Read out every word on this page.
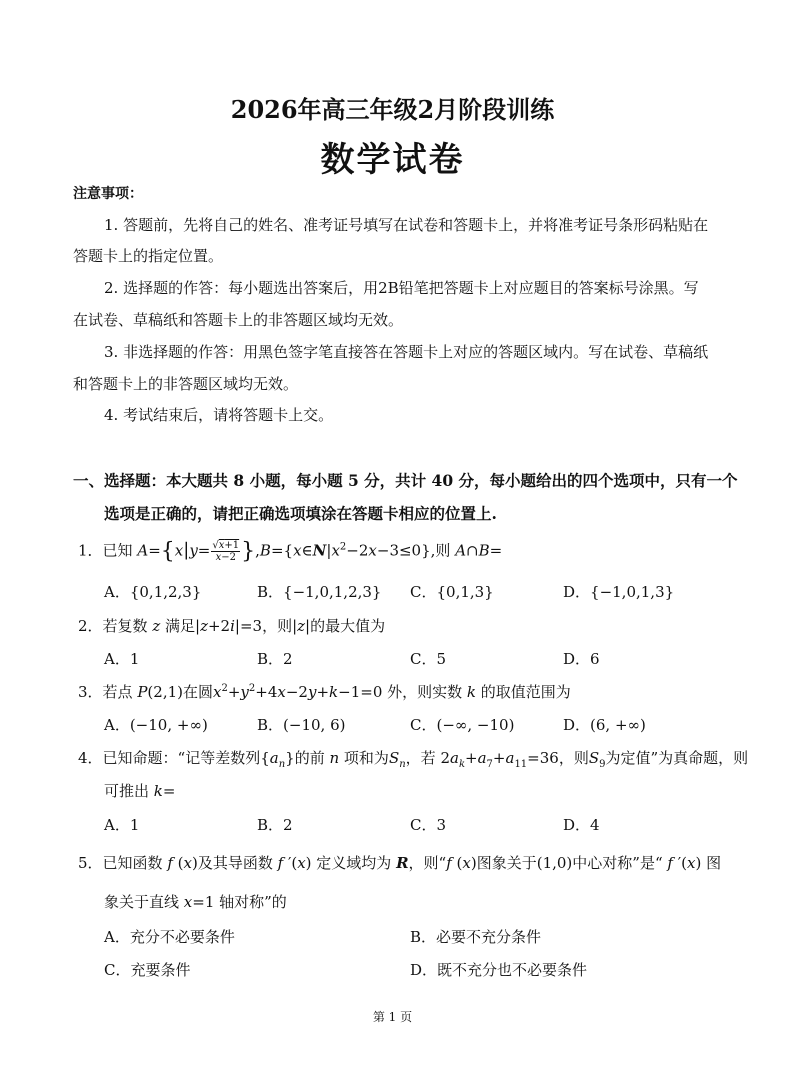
2026年高三年级2月阶段训练
数学试卷
注意事项：
1. 答题前，先将自己的姓名、准考证号填写在试卷和答题卡上，并将准考证号条形码粘贴在
答题卡上的指定位置。
2. 选择题的作答：每小题选出答案后，用2B铅笔把答题卡上对应题目的答案标号涂黑。写
在试卷、草稿纸和答题卡上的非答题区域均无效。
3. 非选择题的作答：用黑色签字笔直接答在答题卡上对应的答题区域内。写在试卷、草稿纸
和答题卡上的非答题区域均无效。
4. 考试结束后，请将答题卡上交。
一、选择题：本大题共 8 小题，每小题 5 分，共计 40 分，每小题给出的四个选项中，只有一个
选项是正确的，请把正确选项填涂在答题卡相应的位置上.
1．已知 $A=\{x|y= \frac{√x+1}{x-2}$ }$,B=\{x\in N|x^2-2x-3\le 0\}$,则 A∩B=
A．{0,1,2,3}	B．{−1,0,1,2,3} C．{0,1,3}	D．{−1,0,1,3}
2．若复数 z 满足|z+2i|=3，则|z|的最大值为
A．1	B．2	C．5	D．6
3．若点 P(2,1)在圆$x^2+y^2+4x-2y+k-1=0$ 外，则实数 k 的取值范围为
A．(−10, +∞)	B．(−10, 6)	C．(−∞, −10)	D．(6, +∞)
4．已知命题：“记等差数列$\{a_n\}$的前 n 项和为$S_n$，若 $2a_k+a_7+a_{11}=36$，则$S_9$为定值”为真命题，则
可推出 k=
A．1	B．2	C．3	D．4
5．已知函数 f (x)及其导函数 f ′(x) 定义域均为 R，则“f (x)图象关于(1,0)中心对称”是“ f ′(x) 图
象关于直线 x=1 轴对称”的
A．充分不必要条件	B．必要不充分条件
C．充要条件	D．既不充分也不必要条件
第 1 页
